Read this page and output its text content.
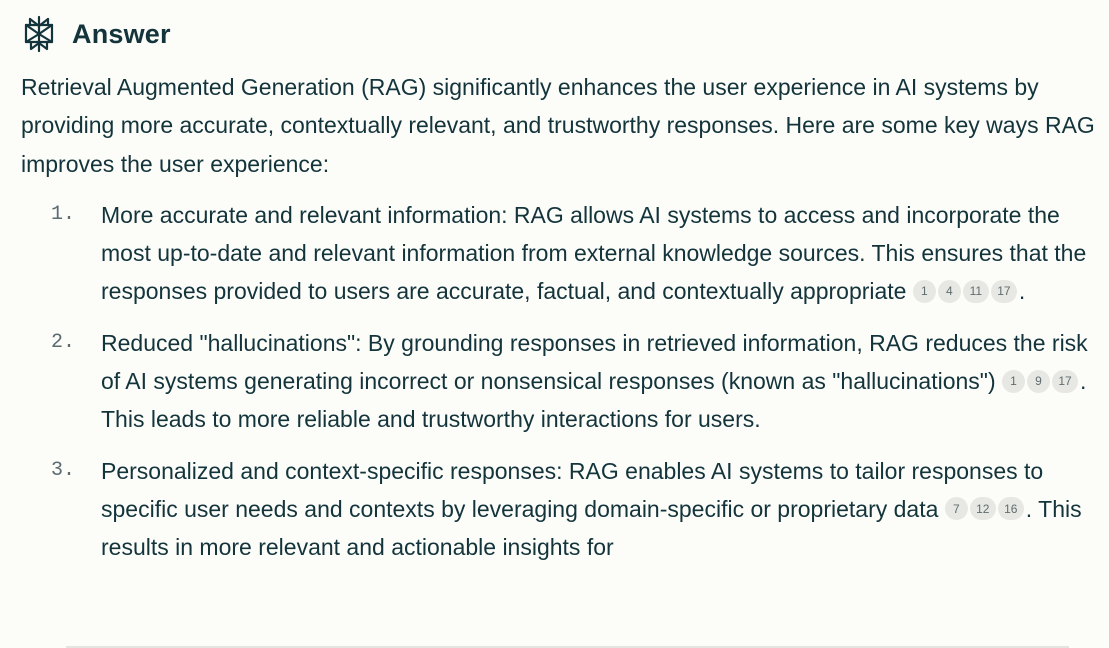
Answer

Retrieval Augmented Generation (RAG) significantly enhances the user experience in AI systems by providing more accurate, contextually relevant, and trustworthy responses. Here are some key ways RAG improves the user experience:

1. More accurate and relevant information: RAG allows AI systems to access and incorporate the most up-to-date and relevant information from external knowledge sources. This ensures that the responses provided to users are accurate, factual, and contextually appropriate 1 4 11 17 .
2. Reduced "hallucinations": By grounding responses in retrieved information, RAG reduces the risk of AI systems generating incorrect or nonsensical responses (known as "hallucinations") 1 9 17 . This leads to more reliable and trustworthy interactions for users.
3. Personalized and context-specific responses: RAG enables AI systems to tailor responses to specific user needs and contexts by leveraging domain-specific or proprietary data 7 12 16 . This results in more relevant and actionable insights for
